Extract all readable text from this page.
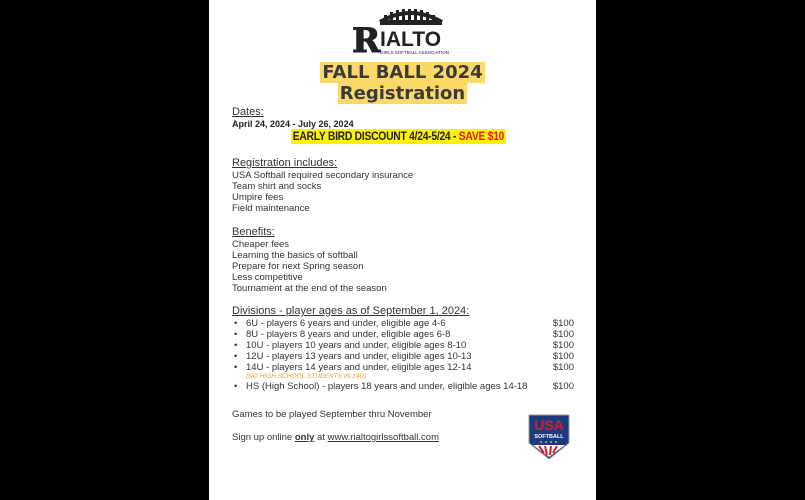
R IALTO
GIRLS SOFTBALL ASSOCIATION
FALL BALL 2024
Registration
Dates:
April 24, 2024 - July 26, 2024
EARLY BIRD DISCOUNT 4/24-5/24 - SAVE $10
Registration includes:
USA Softball required secondary insurance
Team shirt and socks
Umpire fees
Field maintenance
Benefits:
Cheaper fees
Learning the basics of softball
Prepare for next Spring season
Less competitive
Tournament at the end of the season
Divisions - player ages as of September 1, 2024:
• 6U - players 6 years and under, eligible age 4-6	$100
• 8U - players 8 years and under, eligible ages 6-8	$100
• 10U - players 10 years and under, eligible ages 8-10	$100
• 12U - players 13 years and under, eligible ages 10-13	$100
• 14U - players 14 years and under, eligible ages 12-14	$100
(NO HIGH SCHOOL STUDENTS IN 14U)
• HS (High School) - players 18 years and under, eligible ages 14-18	$100
Games to be played September thru November
Sign up online only at www.rialtogirlssoftball.com
USA
SOFTBALL
